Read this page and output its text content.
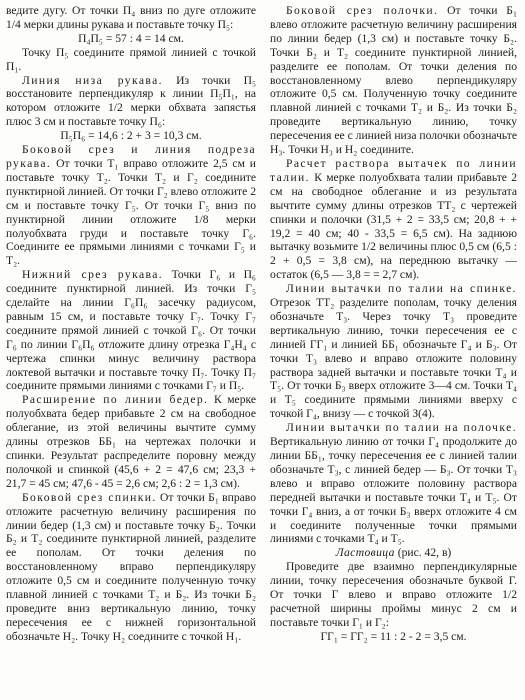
ведите дугу. От точки П₄ вниз по дуге отложите 1/4 мерки длины рукава и поставьте точку П₅:

П₄П₅ = 57 : 4 = 14 см.

Точку П₅ соедините прямой линией с точкой П₁.

Линия низа рукава. Из точки П₅ восстановите перпендикуляр к линии П₅П₁, на котором отложите 1/2 мерки обхвата запястья плюс 3 см и поставьте точку П₆:

П₅П₆ = 14,6 : 2 + 3 = 10,3 см.

Боковой срез и линия подреза рукава. От точки Т₁ вправо отложите 2,5 см и поставьте точку Т₂. Точки Т₂ и Г₂ соедините пунктирной линией. От точки Г₂ влево отложите 2 см и поставьте точку Г₅. От точки Г₅ вниз по пунктирной линии отложите 1/8 мерки полуобхвата груди и поставьте точку Г₆. Соедините ее прямыми линиями с точками Г₅ и Т₂.

Нижний срез рукава. Точки Г₆ и П₆ соедините пунктирной линией. Из точки Г₅ сделайте на линии Г₆П₆ засечку радиусом, равным 15 см, и поставьте точку Г₇. Точку Г₇ соедините прямой линией с точкой Г₆. От точки Г₆ по линии Г₆П₆ отложите длину отрезка Г₄Н₄ с чертежа спинки минус величину раствора локтевой вытачки и поставьте точку П₇. Точку П₇ соедините прямыми линиями с точками Г₇ и П₅.

Расширение по линии бедер. К мерке полуобхвата бедер прибавьте 2 см на свободное облегание, из этой величины вычтите сумму длины отрезков ББ₁ на чертежах полочки и спинки. Результат распределите поровну между полочкой и спинкой (45,6 + 2 = 47,6 см; 23,3 + 21,7 = 45 см; 47,6 - 45 = 2,6 см; 2,6 : 2 = 1,3 см).

Боковой срез спинки. От точки Б₁ вправо отложите расчетную величину расширения по линии бедер (1,3 см) и поставьте точку Б₂. Точки Б₂ и Т₂ соедините пунктирной линией, разделите ее пополам. От точки деления по восстановленному вправо перпендикуляру отложите 0,5 см и соедините полученную точку плавной линией с точками Т₂ и Б₂. Из точки Б₂ проведите вниз вертикальную линию, точку пересечения ее с нижней горизонтальной обозначьте Н₂. Точку Н₂ соедините с точкой Н₁.

Боковой срез полочки. От точки Б₁ влево отложите расчетную величину расширения по линии бедер (1,3 см) и поставьте точку Б₂. Точки Б₂ и Т₂ соедините пунктирной линией, разделите ее пополам. От точки деления по восстановленному влево перпендикуляру отложите 0,5 см. Полученную точку соедините плавной линией с точками Т₂ и Б₂. Из точки Б₂ проведите вертикальную линию, точку пересечения ее с линией низа полочки обозначьте Н₃. Точки Н₃ и Н₂ соедините.

Расчет раствора вытачек по линии талии. К мерке полуобхвата талии прибавьте 2 см на свободное облегание и из результата вычтите сумму длины отрезков ТТ₂ с чертежей спинки и полочки (31,5 + 2 = 33,5 см; 20,8 + + 19,2 = 40 см; 40 - 33,5 = 6,5 см). На заднюю вытачку возьмите 1/2 величины плюс 0,5 см (6,5 : 2 + 0,5 = 3,8 см), на переднюю вытачку — остаток (6,5 — 3,8 = = 2,7 см).

Линии вытачки по талии на спинке. Отрезок ТТ₂ разделите пополам, точку деления обозначьте Т₃. Через точку Т₃ проведите вертикальную линию, точки пересечения ее с линией ГГ₁ и линией ББ₁ обозначьте Г₄ и Б₃. От точки Т₃ влево и вправо отложите половину раствора задней вытачки и поставьте точки Т₄ и Т₅. От точки Б₃ вверх отложите 3—4 см. Точки Т₄ и Т₅ соедините прямыми линиями вверху с точкой Г₄, внизу — с точкой З(4).

Линии вытачки по талии на полочке. Вертикальную линию от точки Г₄ продолжите до линии ББ₁, точку пересечения ее с линией талии обозначьте Т₃, с линией бедер — Б₃. От точки Т₃ влево и вправо отложите половину раствора передней вытачки и поставьте точки Т₄ и Т₅. От точки Г₄ вниз, а от точки Б₃ вверх отложите 4 см и соедините полученные точки прямыми линиями с точками Т₄ и Т₅.

Ластовица (рис. 42, в)

Проведите две взаимно перпендикулярные линии, точку пересечения обозначьте буквой Г. От точки Г влево и вправо отложите 1/2 расчетной ширины проймы минус 2 см и поставьте точки Г₁ и Г₂:

ГГ₁ = ГГ₂ = 11 : 2 - 2 = 3,5 см.
